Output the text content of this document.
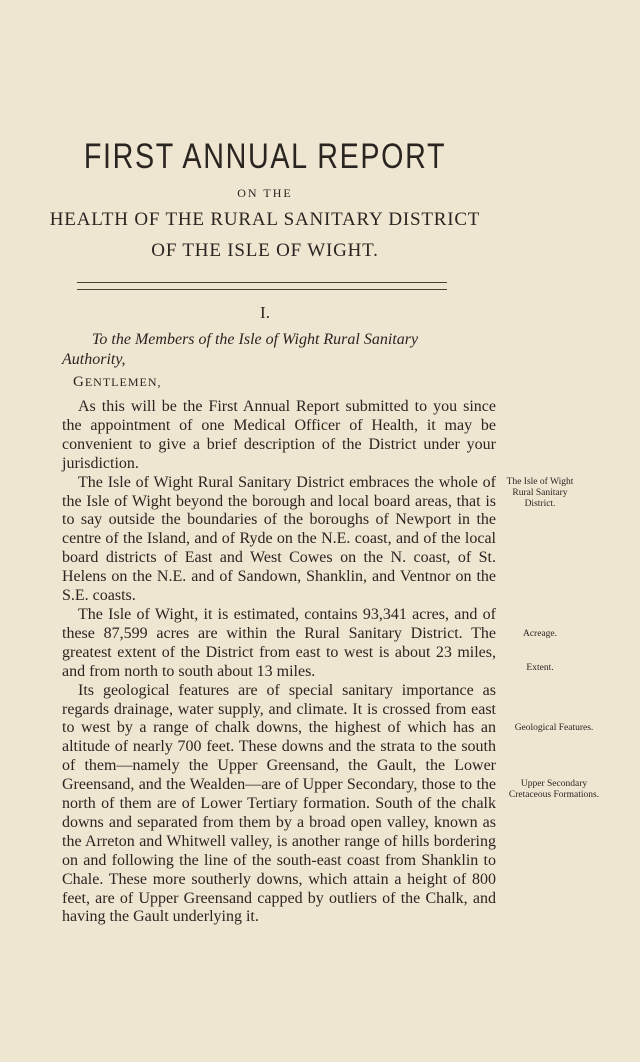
FIRST ANNUAL REPORT
ON THE
HEALTH OF THE RURAL SANITARY DISTRICT
OF THE ISLE OF WIGHT.
I.
To the Members of the Isle of Wight Rural Sanitary
Authority,
GENTLEMEN,

As this will be the First Annual Report submitted to you since the appointment of one Medical Officer of Health, it may be convenient to give a brief description of the District under your jurisdiction.

The Isle of Wight Rural Sanitary District embraces the whole of the Isle of Wight beyond the borough and local board areas, that is to say outside the boundaries of the boroughs of Newport in the centre of the Island, and of Ryde on the N.E. coast, and of the local board districts of East and West Cowes on the N. coast, of St. Helens on the N.E. and of Sandown, Shanklin, and Ventnor on the S.E. coasts.

The Isle of Wight, it is estimated, contains 93,341 acres, and of these 87,599 acres are within the Rural Sanitary District. The greatest extent of the District from east to west is about 23 miles, and from north to south about 13 miles.

Its geological features are of special sanitary importance as regards drainage, water supply, and climate. It is crossed from east to west by a range of chalk downs, the highest of which has an altitude of nearly 700 feet. These downs and the strata to the south of them—namely the Upper Greensand, the Gault, the Lower Greensand, and the Wealden—are of Upper Secondary, those to the north of them are of Lower Tertiary formation. South of the chalk downs and separated from them by a broad open valley, known as the Arreton and Whitwell valley, is another range of hills bordering on and following the line of the south-east coast from Shanklin to Chale. These more southerly downs, which attain a height of 800 feet, are of Upper Greensand capped by outliers of the Chalk, and having the Gault underlying it.

The Isle of Wight
Rural Sanitary
District.
Acreage.
Extent.
Geological Features.
Upper Secondary
Cretaceous Formations.
